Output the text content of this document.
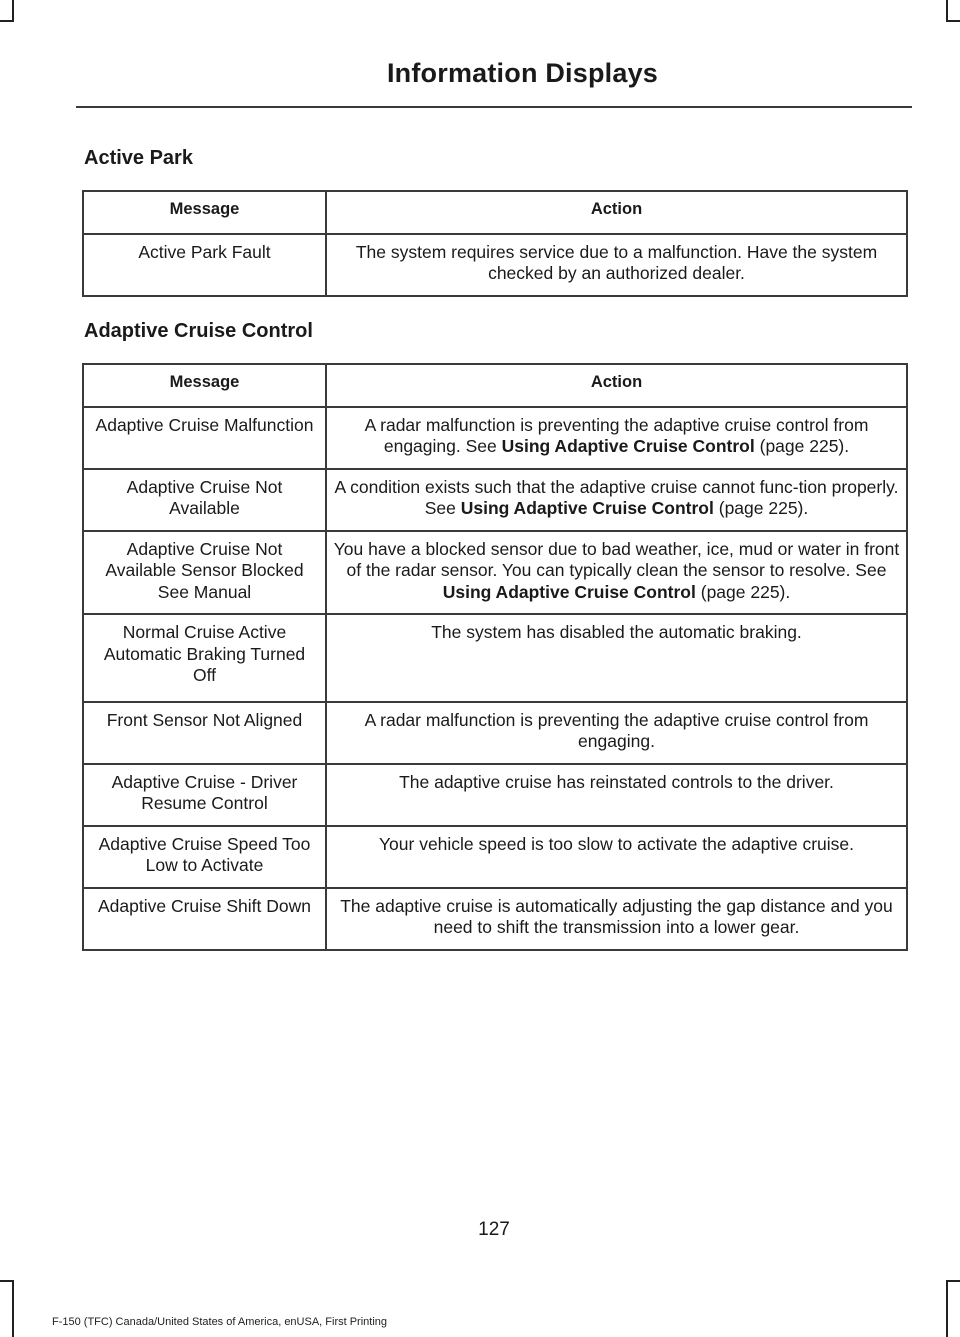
Information Displays
Active Park
Message	Action
Active Park Fault	The system requires service due to a malfunction. Have the system checked by an authorized dealer.
Adaptive Cruise Control
Message	Action
Adaptive Cruise Malfunction	A radar malfunction is preventing the adaptive cruise control from engaging. See Using Adaptive Cruise Control (page 225).
Adaptive Cruise Not Available	A condition exists such that the adaptive cruise cannot func-tion properly. See Using Adaptive Cruise Control (page 225).
Adaptive Cruise Not Available Sensor Blocked See Manual	You have a blocked sensor due to bad weather, ice, mud or water in front of the radar sensor. You can typically clean the sensor to resolve. See Using Adaptive Cruise Control (page 225).
Normal Cruise Active Automatic Braking Turned Off	The system has disabled the automatic braking.
Front Sensor Not Aligned	A radar malfunction is preventing the adaptive cruise control from engaging.
Adaptive Cruise - Driver Resume Control	The adaptive cruise has reinstated controls to the driver.
Adaptive Cruise Speed Too Low to Activate	Your vehicle speed is too slow to activate the adaptive cruise.
Adaptive Cruise Shift Down	The adaptive cruise is automatically adjusting the gap distance and you need to shift the transmission into a lower gear.
127
F-150 (TFC) Canada/United States of America, enUSA, First Printing
